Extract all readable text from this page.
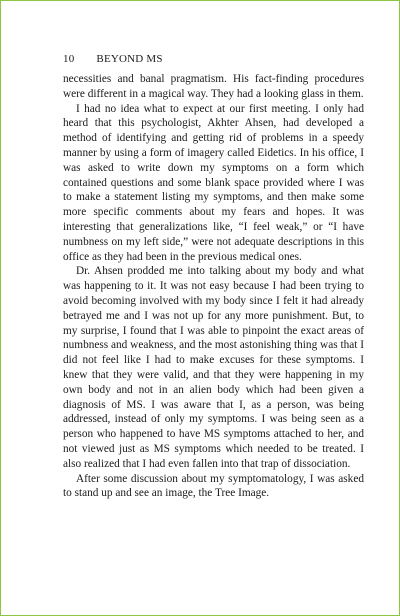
10 BEYOND MS

necessities and banal pragmatism. His fact-finding procedures were different in a magical way. They had a looking glass in them.

I had no idea what to expect at our first meeting. I only had heard that this psychologist, Akhter Ahsen, had developed a method of identifying and getting rid of problems in a speedy manner by using a form of imagery called Eidetics. In his office, I was asked to write down my symptoms on a form which contained questions and some blank space provided where I was to make a statement listing my symptoms, and then make some more specific comments about my fears and hopes. It was interesting that generalizations like, “I feel weak,” or “I have numbness on my left side,” were not adequate descriptions in this office as they had been in the previous medical ones.

Dr. Ahsen prodded me into talking about my body and what was happening to it. It was not easy because I had been trying to avoid becoming involved with my body since I felt it had already betrayed me and I was not up for any more punishment. But, to my surprise, I found that I was able to pinpoint the exact areas of numbness and weakness, and the most astonishing thing was that I did not feel like I had to make excuses for these symptoms. I knew that they were valid, and that they were happening in my own body and not in an alien body which had been given a diagnosis of MS. I was aware that I, as a person, was being addressed, instead of only my symptoms. I was being seen as a person who happened to have MS symptoms attached to her, and not viewed just as MS symptoms which needed to be treated. I also realized that I had even fallen into that trap of dissociation.

After some discussion about my symptomatology, I was asked to stand up and see an image, the Tree Image.
